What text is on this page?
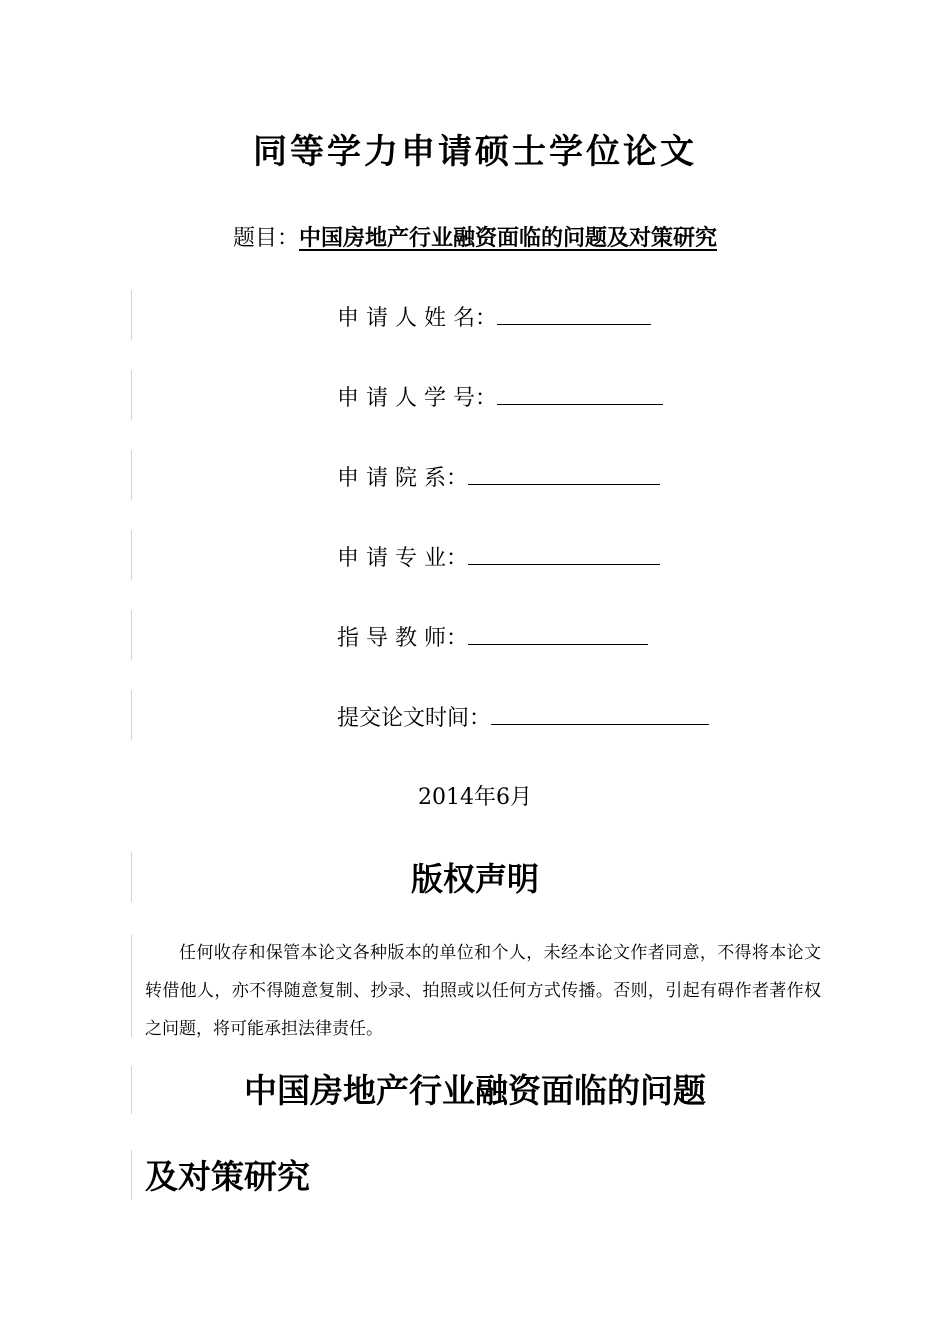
同等学力申请硕士学位论文
题目：中国房地产行业融资面临的问题及对策研究
申 请 人 姓 名：
申 请 人 学 号：
申 请 院 系：
申 请 专 业：
指 导 教 师：
提交论文时间：
2014年6月
版权声明
任何收存和保管本论文各种版本的单位和个人，未经本论文作者同意，不得将本论文转借他人，亦不得随意复制、抄录、拍照或以任何方式传播。否则，引起有碍作者著作权之问题，将可能承担法律责任。
中国房地产行业融资面临的问题
及对策研究
